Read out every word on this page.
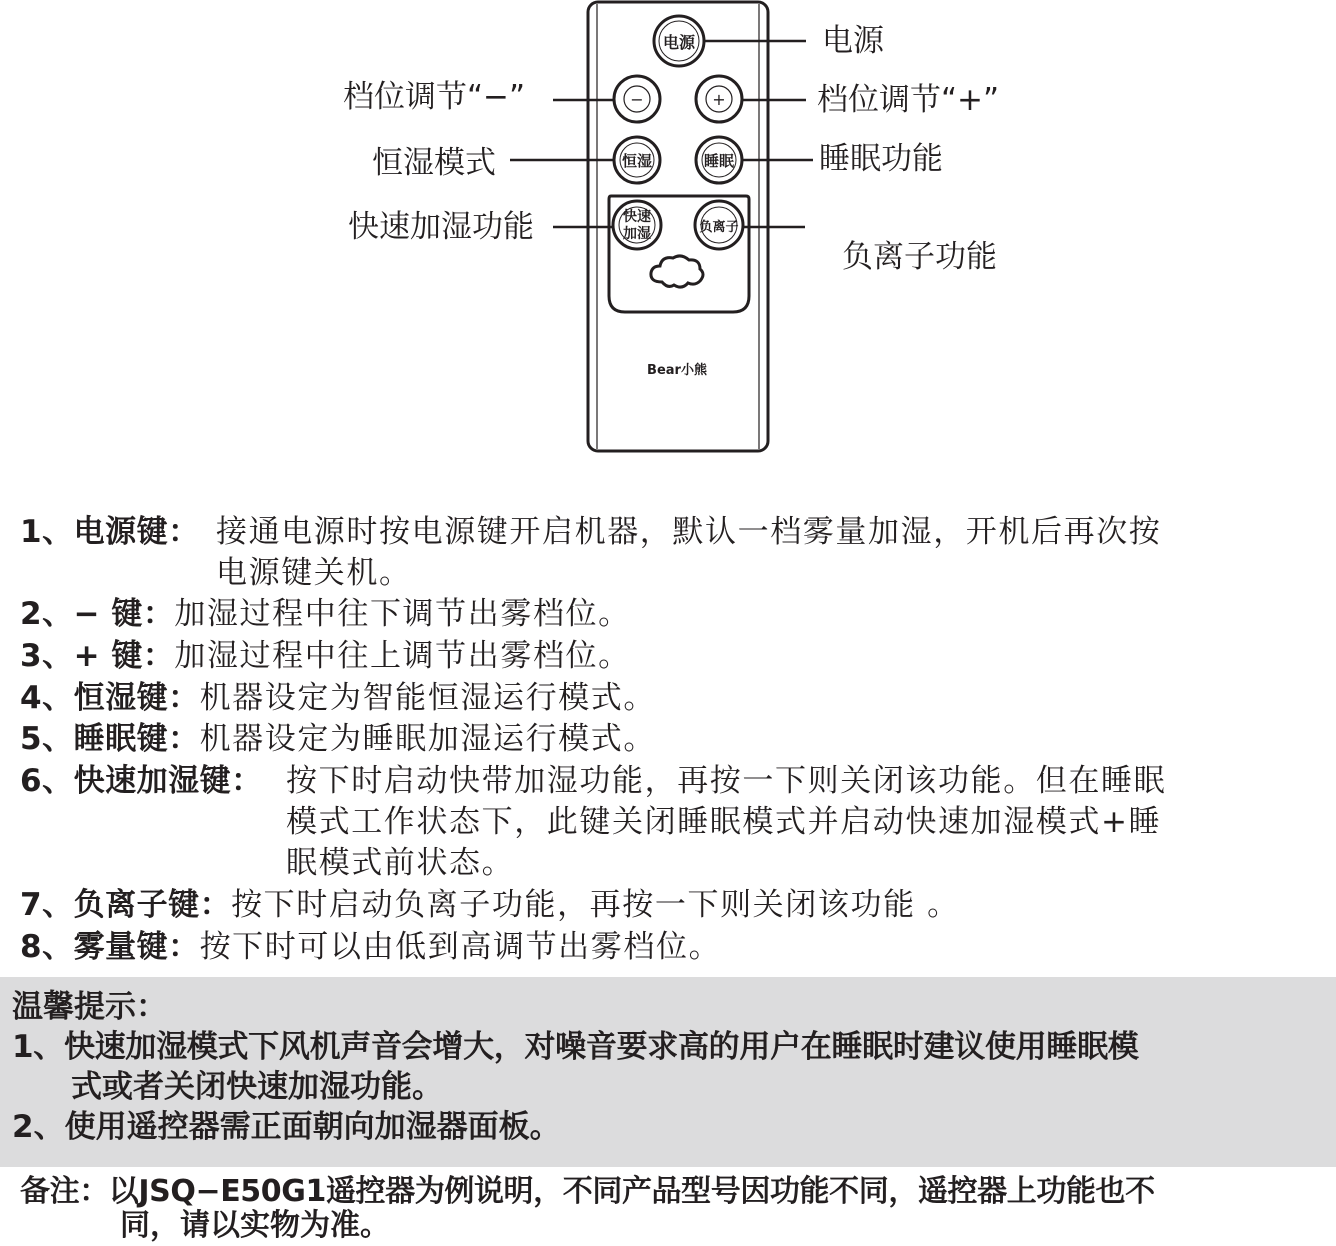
电源
−	+
恒湿	睡眠
快速
加湿	负离子
Bear小熊
电源
档位调节“−”	档位调节“+”
恒湿模式	睡眠功能
快速加湿功能
负离子功能
1、电源键： 接通电源时按电源键开启机器，默认一档雾量加湿，开机后再次按
电源键关机。
2、− 键：加湿过程中往下调节出雾档位。
3、+ 键：加湿过程中往上调节出雾档位。
4、恒湿键：机器设定为智能恒湿运行模式。
5、睡眠键：机器设定为睡眠加湿运行模式。
6、快速加湿键： 按下时启动快带加湿功能，再按一下则关闭该功能。但在睡眠
模式工作状态下，此键关闭睡眠模式并启动快速加湿模式+睡
眠模式前状态。
7、负离子键：按下时启动负离子功能，再按一下则关闭该功能 。
8、雾量键：按下时可以由低到高调节出雾档位。
温馨提示：
1、快速加湿模式下风机声音会增大，对噪音要求高的用户在睡眠时建议使用睡眠模
式或者关闭快速加湿功能。
2、使用遥控器需正面朝向加湿器面板。
备注：以JSQ−E50G1遥控器为例说明，不同产品型号因功能不同，遥控器上功能也不
同，请以实物为准。
